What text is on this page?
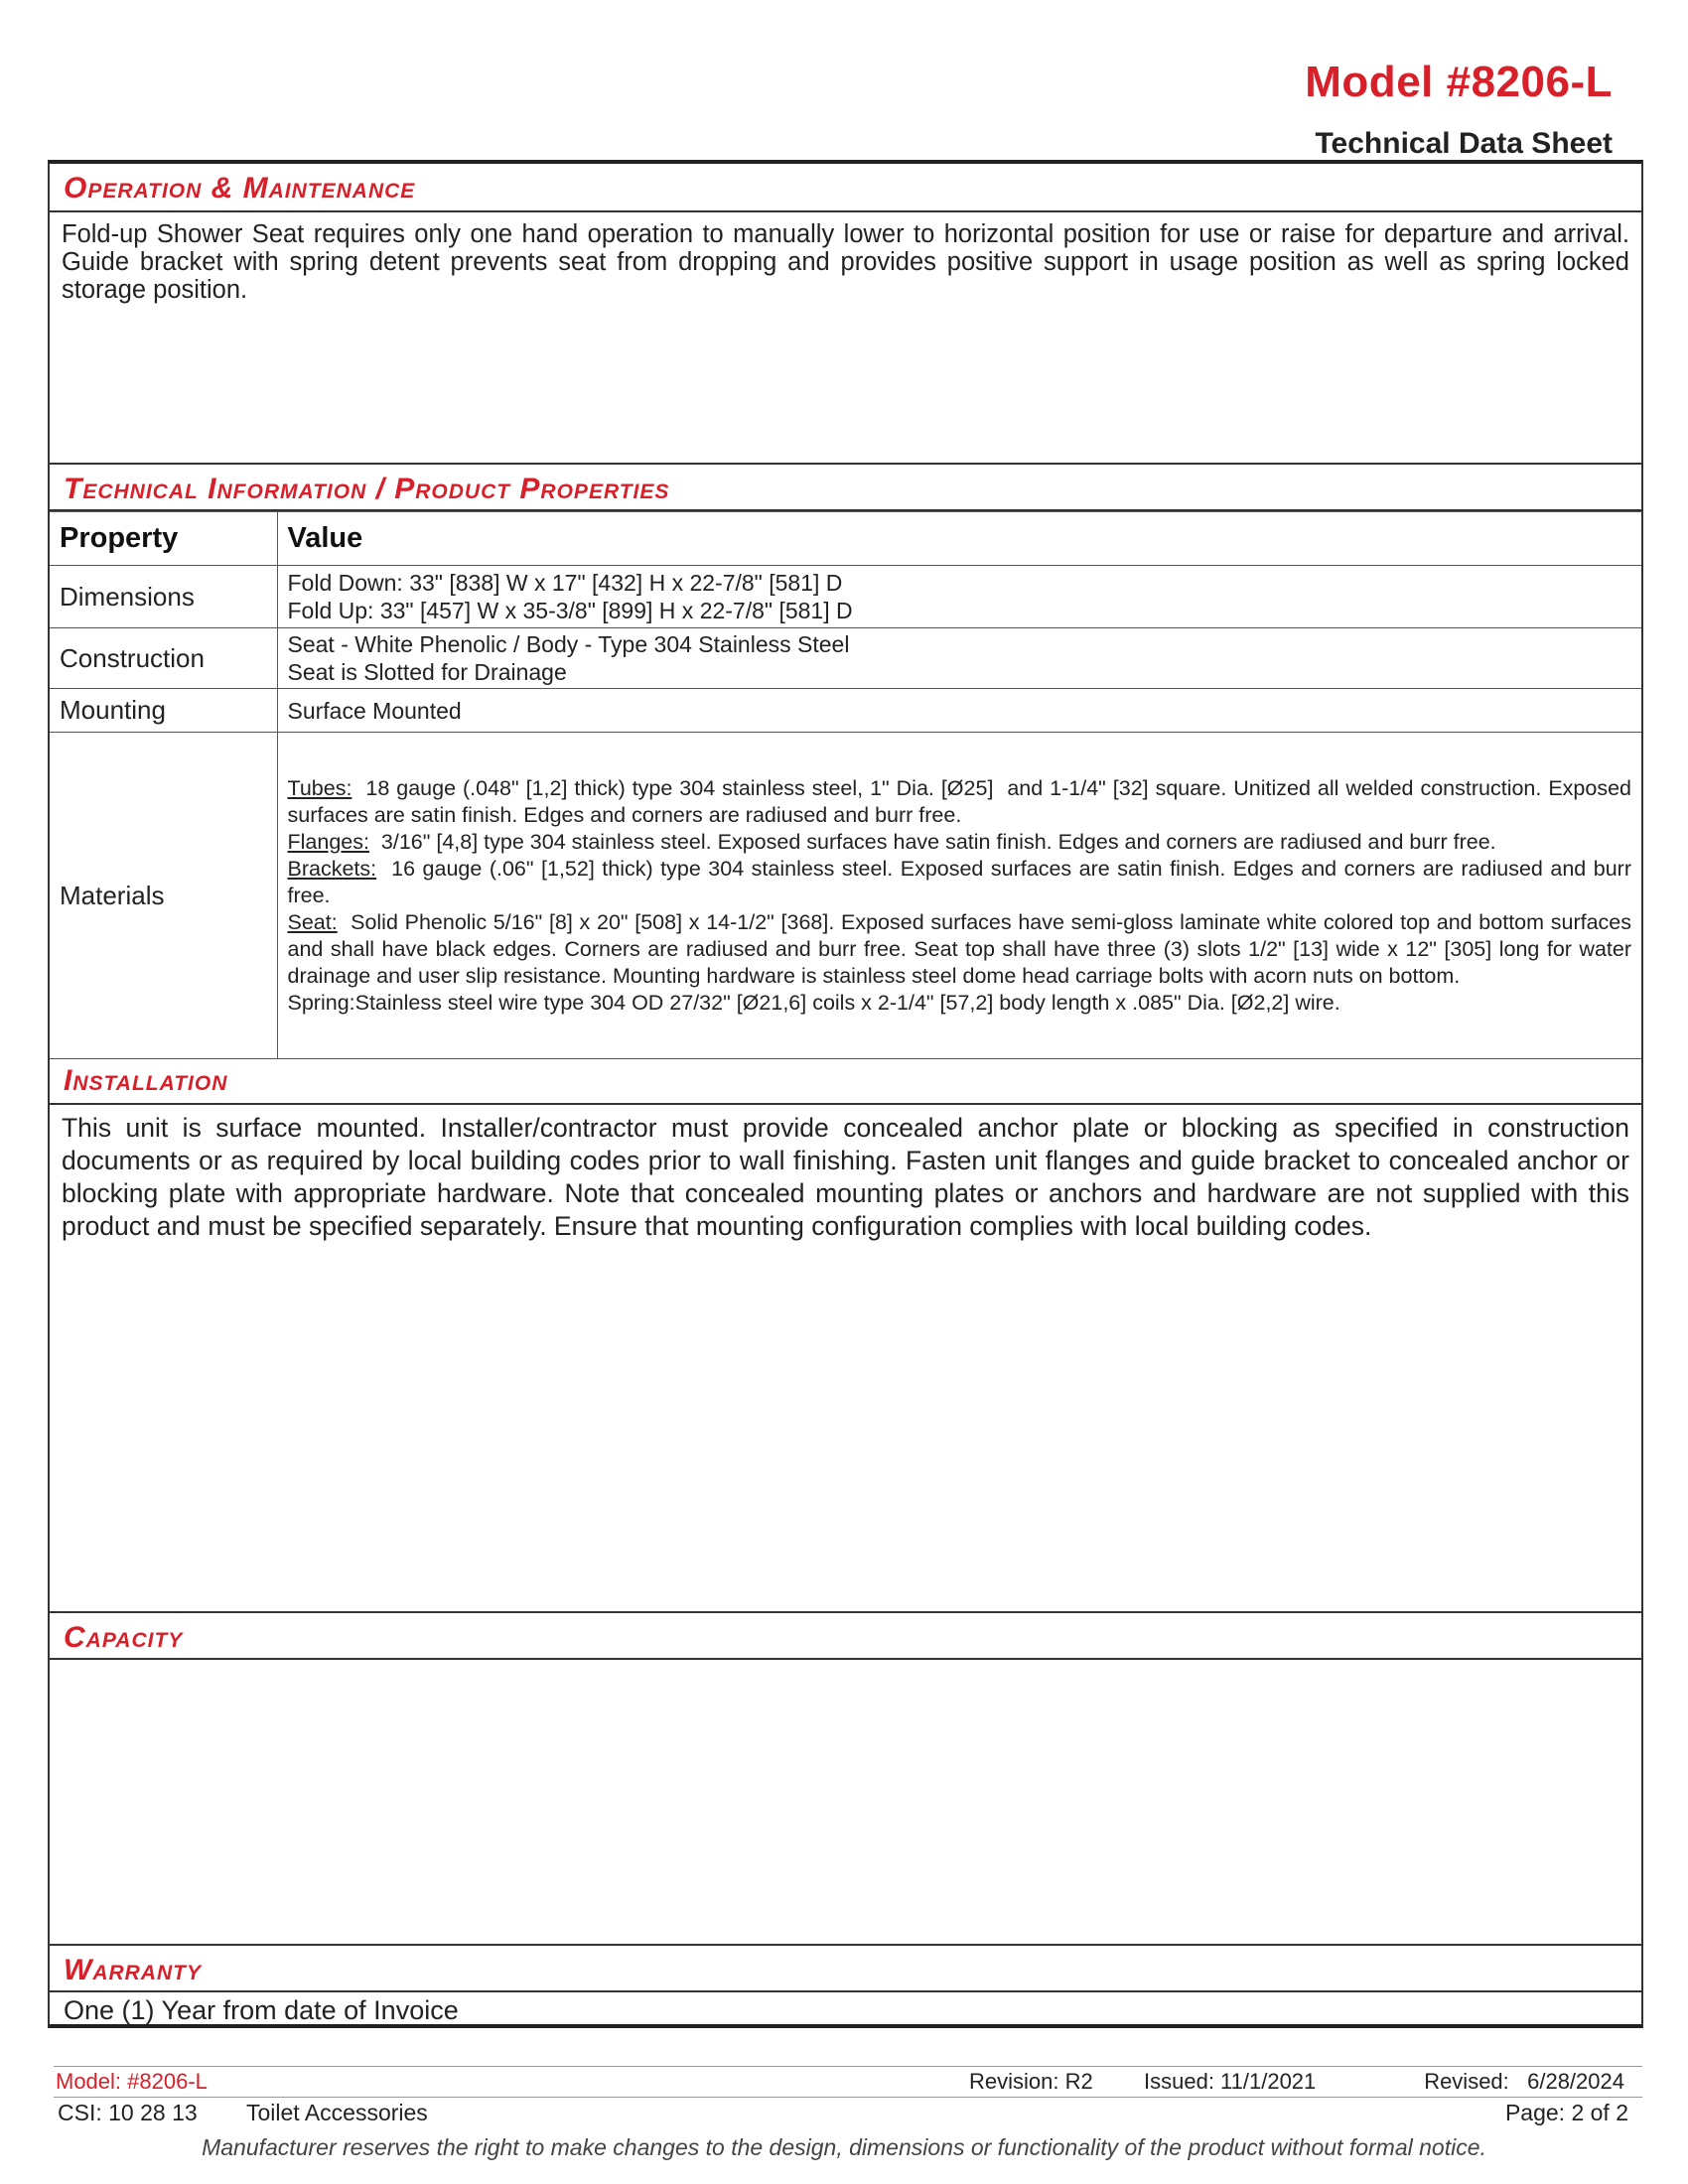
Model #8206-L
Technical Data Sheet
Operation & Maintenance
Fold-up Shower Seat requires only one hand operation to manually lower to horizontal position for use or raise for departure and arrival. Guide bracket with spring detent prevents seat from dropping and provides positive support in usage position as well as spring locked storage position.
Technical Information / Product Properties
Property	Value
Dimensions	Fold Down: 33" [838] W x 17" [432] H x 22-7/8" [581] D
Fold Up: 33" [457] W x 35-3/8" [899] H x 22-7/8" [581] D

Construction	Seat - White Phenolic / Body - Type 304 Stainless Steel
Seat is Slotted for Drainage

Mounting	Surface Mounted

Materials	Tubes:  18 gauge (.048" [1,2] thick) type 304 stainless steel, 1" Dia. [Ø25]  and 1-1/4" [32] square. Unitized all welded construction. Exposed surfaces are satin finish. Edges and corners are radiused and burr free.
Flanges:  3/16" [4,8] type 304 stainless steel. Exposed surfaces have satin finish. Edges and corners are radiused and burr free.
Brackets:  16 gauge (.06" [1,52] thick) type 304 stainless steel. Exposed surfaces are satin finish. Edges and corners are radiused and burr free.
Seat:  Solid Phenolic 5/16" [8] x 20" [508] x 14-1/2" [368]. Exposed surfaces have semi-gloss laminate white colored top and bottom surfaces and shall have black edges. Corners are radiused and burr free. Seat top shall have three (3) slots 1/2" [13] wide x 12" [305] long for water drainage and user slip resistance. Mounting hardware is stainless steel dome head carriage bolts with acorn nuts on bottom.
Spring:Stainless steel wire type 304 OD 27/32" [Ø21,6] coils x 2-1/4" [57,2] body length x .085" Dia. [Ø2,2] wire.
Installation
This unit is surface mounted. Installer/contractor must provide concealed anchor plate or blocking as specified in construction documents or as required by local building codes prior to wall finishing. Fasten unit flanges and guide bracket to concealed anchor or blocking plate with appropriate hardware. Note that concealed mounting plates or anchors and hardware are not supplied with this product and must be specified separately. Ensure that mounting configuration complies with local building codes.
Capacity
Warranty
One (1) Year from date of Invoice
Model: #8206-L	Revision: R2 Issued: 11/1/2021	Revised:   6/28/2024
CSI: 10 28 13 Toilet Accessories	Page: 2 of 2
Manufacturer reserves the right to make changes to the design, dimensions or functionality of the product without formal notice.
